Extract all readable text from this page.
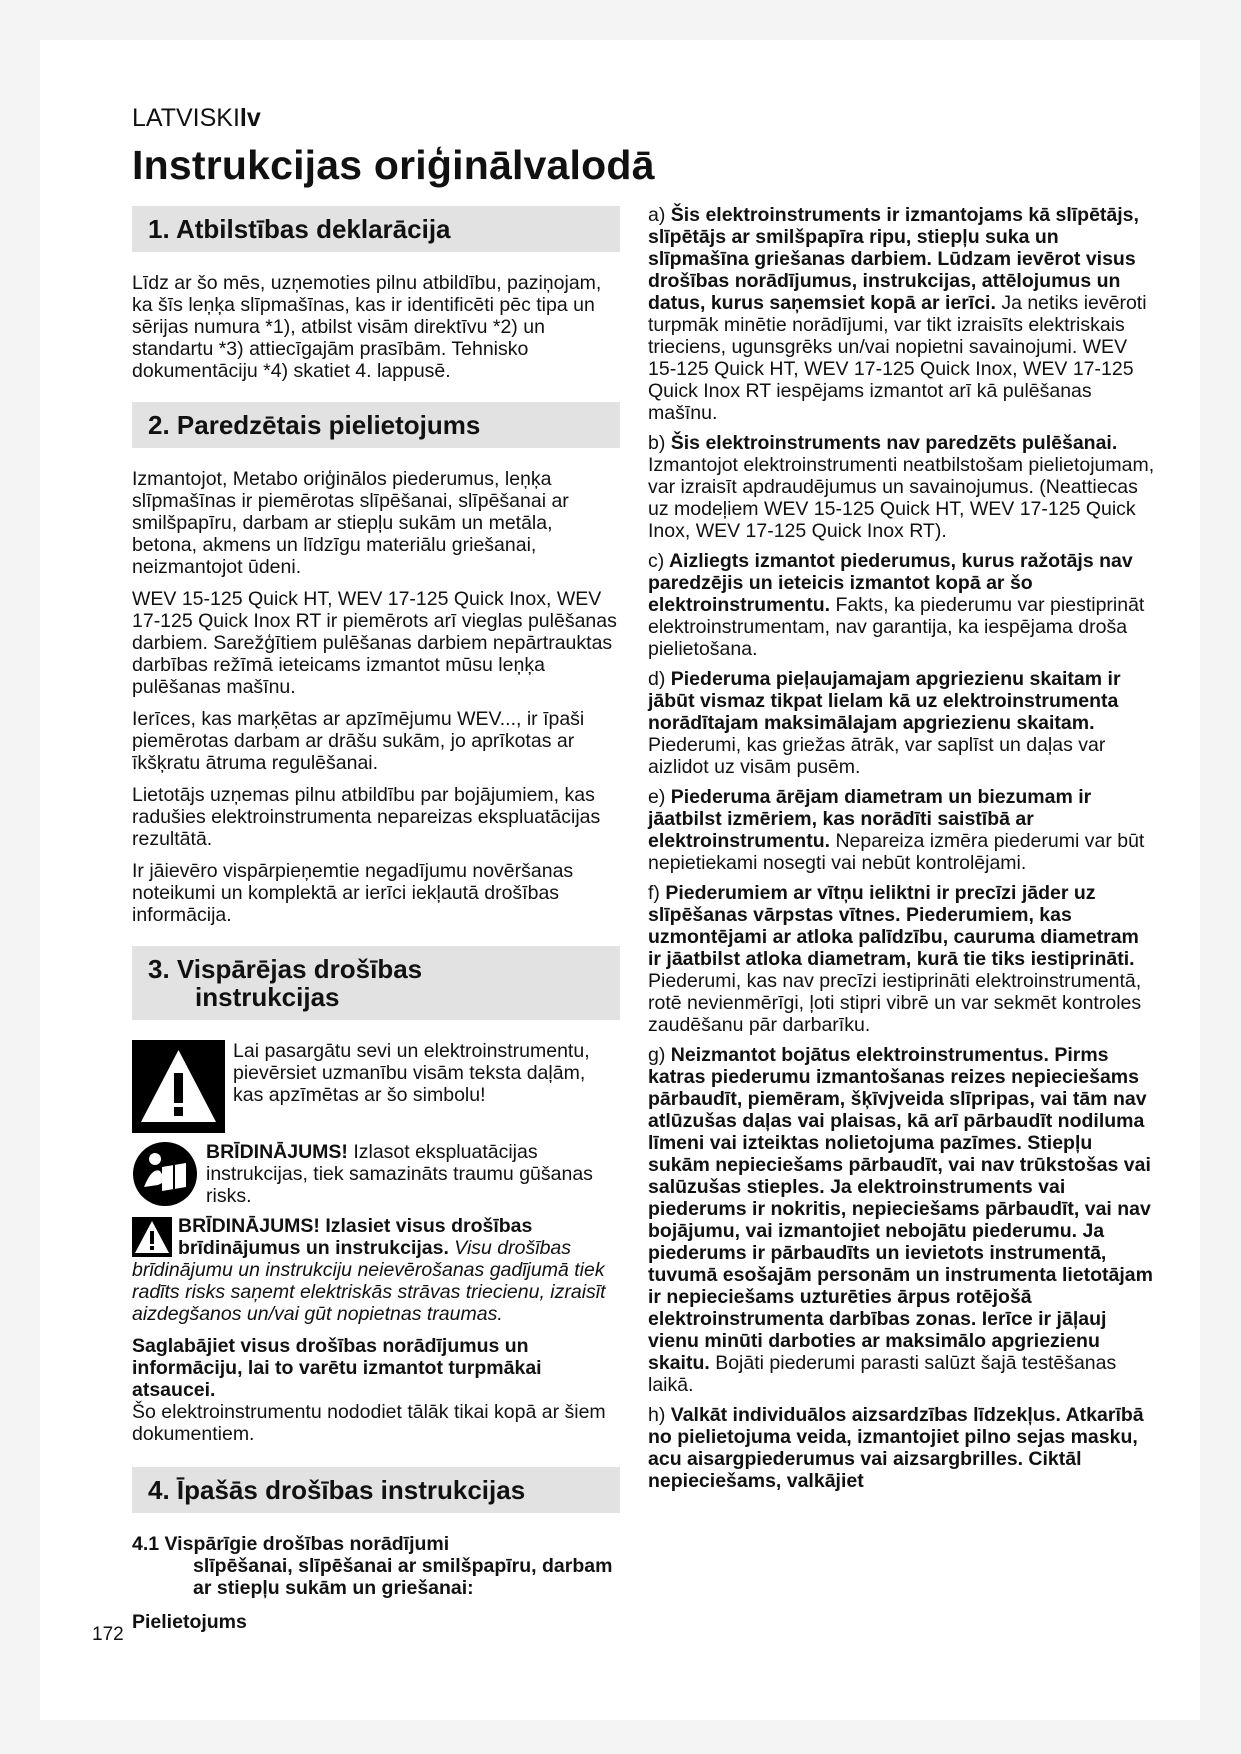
LATVISKIlv
Instrukcijas oriģinālvalodā
1. Atbilstības deklarācija

Līdz ar šo mēs, uzņemoties pilnu atbildību, paziņojam, ka šīs leņķa slīpmašīnas, kas ir identificēti pēc tipa un sērijas numura *1), atbilst visām direktīvu *2) un standartu *3) attiecīgajām prasībām. Tehnisko dokumentāciju *4) skatiet 4. lappusē.

2. Paredzētais pielietojums

Izmantojot, Metabo oriģinālos piederumus, leņķa slīpmašīnas ir piemērotas slīpēšanai, slīpēšanai ar smilšpapīru, darbam ar stiepļu sukām un metāla, betona, akmens un līdzīgu materiālu griešanai, neizmantojot ūdeni.

WEV 15-125 Quick HT, WEV 17-125 Quick Inox, WEV 17-125 Quick Inox RT ir piemērots arī vieglas pulēšanas darbiem. Sarežģītiem pulēšanas darbiem nepārtrauktas darbības režīmā ieteicams izmantot mūsu leņķa pulēšanas mašīnu.

Ierīces, kas marķētas ar apzīmējumu WEV..., ir īpaši piemērotas darbam ar drāšu sukām, jo aprīkotas ar īkšķratu ātruma regulēšanai.

Lietotājs uzņemas pilnu atbildību par bojājumiem, kas radušies elektroinstrumenta nepareizas ekspluatācijas rezultātā.

Ir jāievēro vispārpieņemtie negadījumu novēršanas noteikumi un komplektā ar ierīci iekļautā drošības informācija.

3. Vispārējas drošības
instrukcijas
Lai pasargātu sevi un elektroinstrumentu, pievērsiet uzmanību visām teksta daļām, kas apzīmētas ar šo simbolu!
BRĪDINĀJUMS! Izlasot ekspluatācijas instrukcijas, tiek samazināts traumu gūšanas risks.

BRĪDINĀJUMS! Izlasiet visus drošības brīdinājumus un instrukcijas. Visu drošības brīdinājumu un instrukciju neievērošanas gadījumā tiek radīts risks saņemt elektriskās strāvas triecienu, izraisīt aizdegšanos un/vai gūt nopietnas traumas.

Saglabājiet visus drošības norādījumus un informāciju, lai to varētu izmantot turpmākai atsaucei.

Šo elektroinstrumentu nododiet tālāk tikai kopā ar šiem dokumentiem.

4. Īpašās drošības instrukcijas
4.1 Vispārīgie drošības norādījumi
slīpēšanai, slīpēšanai ar smilšpapīru, darbam ar stiepļu sukām un griešanai:
Pielietojums

a) Šis elektroinstruments ir izmantojams kā slīpētājs, slīpētājs ar smilšpapīra ripu, stiepļu suka un slīpmašīna griešanas darbiem. Lūdzam ievērot visus drošības norādījumus, instrukcijas, attēlojumus un datus, kurus saņemsiet kopā ar ierīci. Ja netiks ievēroti turpmāk minētie norādījumi, var tikt izraisīts elektriskais trieciens, ugunsgrēks un/vai nopietni savainojumi. WEV 15-125 Quick HT, WEV 17-125 Quick Inox, WEV 17-125 Quick Inox RT iespējams izmantot arī kā pulēšanas mašīnu.

b) Šis elektroinstruments nav paredzēts pulēšanai. Izmantojot elektroinstrumenti neatbilstošam pielietojumam, var izraisīt apdraudējumus un savainojumus. (Neattiecas uz modeļiem WEV 15-125 Quick HT, WEV 17-125 Quick Inox, WEV 17-125 Quick Inox RT).

c) Aizliegts izmantot piederumus, kurus ražotājs nav paredzējis un ieteicis izmantot kopā ar šo elektroinstrumentu. Fakts, ka piederumu var piestiprināt elektroinstrumentam, nav garantija, ka iespējama droša pielietošana.

d) Piederuma pieļaujamajam apgriezienu skaitam ir jābūt vismaz tikpat lielam kā uz elektroinstrumenta norādītajam maksimālajam apgriezienu skaitam. Piederumi, kas griežas ātrāk, var saplīst un daļas var aizlidot uz visām pusēm.

e) Piederuma ārējam diametram un biezumam ir jāatbilst izmēriem, kas norādīti saistībā ar elektroinstrumentu. Nepareiza izmēra piederumi var būt nepietiekami nosegti vai nebūt kontrolējami.

f) Piederumiem ar vītņu ieliktni ir precīzi jāder uz slīpēšanas vārpstas vītnes. Piederumiem, kas uzmontējami ar atloka palīdzību, cauruma diametram ir jāatbilst atloka diametram, kurā tie tiks iestiprināti. Piederumi, kas nav precīzi iestiprināti elektroinstrumentā, rotē nevienmērīgi, ļoti stipri vibrē un var sekmēt kontroles zaudēšanu pār darbarīku.

g) Neizmantot bojātus elektroinstrumentus. Pirms katras piederumu izmantošanas reizes nepieciešams pārbaudīt, piemēram, šķīvjveida slīpripas, vai tām nav atlūzušas daļas vai plaisas, kā arī pārbaudīt nodiluma līmeni vai izteiktas nolietojuma pazīmes. Stiepļu sukām nepieciešams pārbaudīt, vai nav trūkstošas vai salūzušas stieples. Ja elektroinstruments vai piederums ir nokritis, nepieciešams pārbaudīt, vai nav bojājumu, vai izmantojiet nebojātu piederumu. Ja piederums ir pārbaudīts un ievietots instrumentā, tuvumā esošajām personām un instrumenta lietotājam ir nepieciešams uzturēties ārpus rotējošā elektroinstrumenta darbības zonas. Ierīce ir jāļauj vienu minūti darboties ar maksimālo apgriezienu skaitu. Bojāti piederumi parasti salūzt šajā testēšanas laikā.

h) Valkāt individuālos aizsardzības līdzekļus. Atkarībā no pielietojuma veida, izmantojiet pilno sejas masku, acu aisargpiederumus vai aizsargbrilles. Ciktāl nepieciešams, valkājiet

172
